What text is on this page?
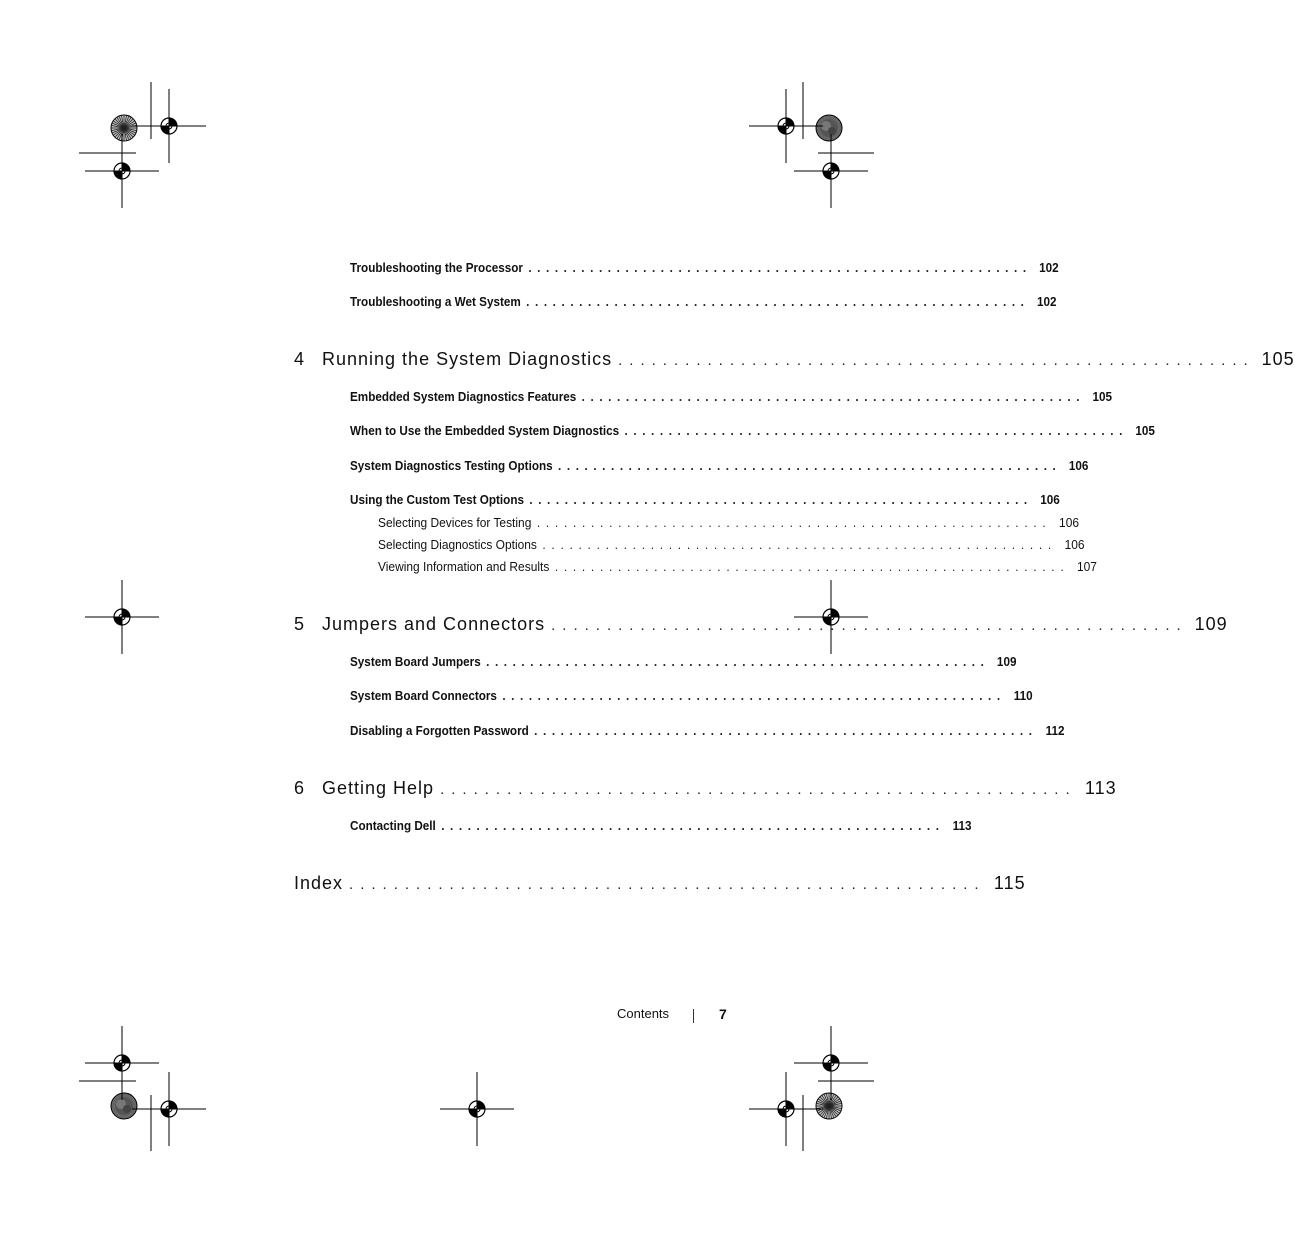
Troubleshooting the Processor ......................................................... 102
Troubleshooting a Wet System ......................................................... 102
4 Running the System Diagnostics ......................................................... 105
Embedded System Diagnostics Features ......................................................... 105
When to Use the Embedded System Diagnostics ......................................................... 105
System Diagnostics Testing Options ......................................................... 106
Using the Custom Test Options ......................................................... 106
Selecting Devices for Testing ......................................................... 106
Selecting Diagnostics Options ......................................................... 106
Viewing Information and Results ......................................................... 107
5 Jumpers and Connectors ......................................................... 109
System Board Jumpers ......................................................... 109
System Board Connectors ......................................................... 110
Disabling a Forgotten Password ......................................................... 112
6 Getting Help ......................................................... 113
Contacting Dell ......................................................... 113
Index ......................................................... 115
Contents	7
